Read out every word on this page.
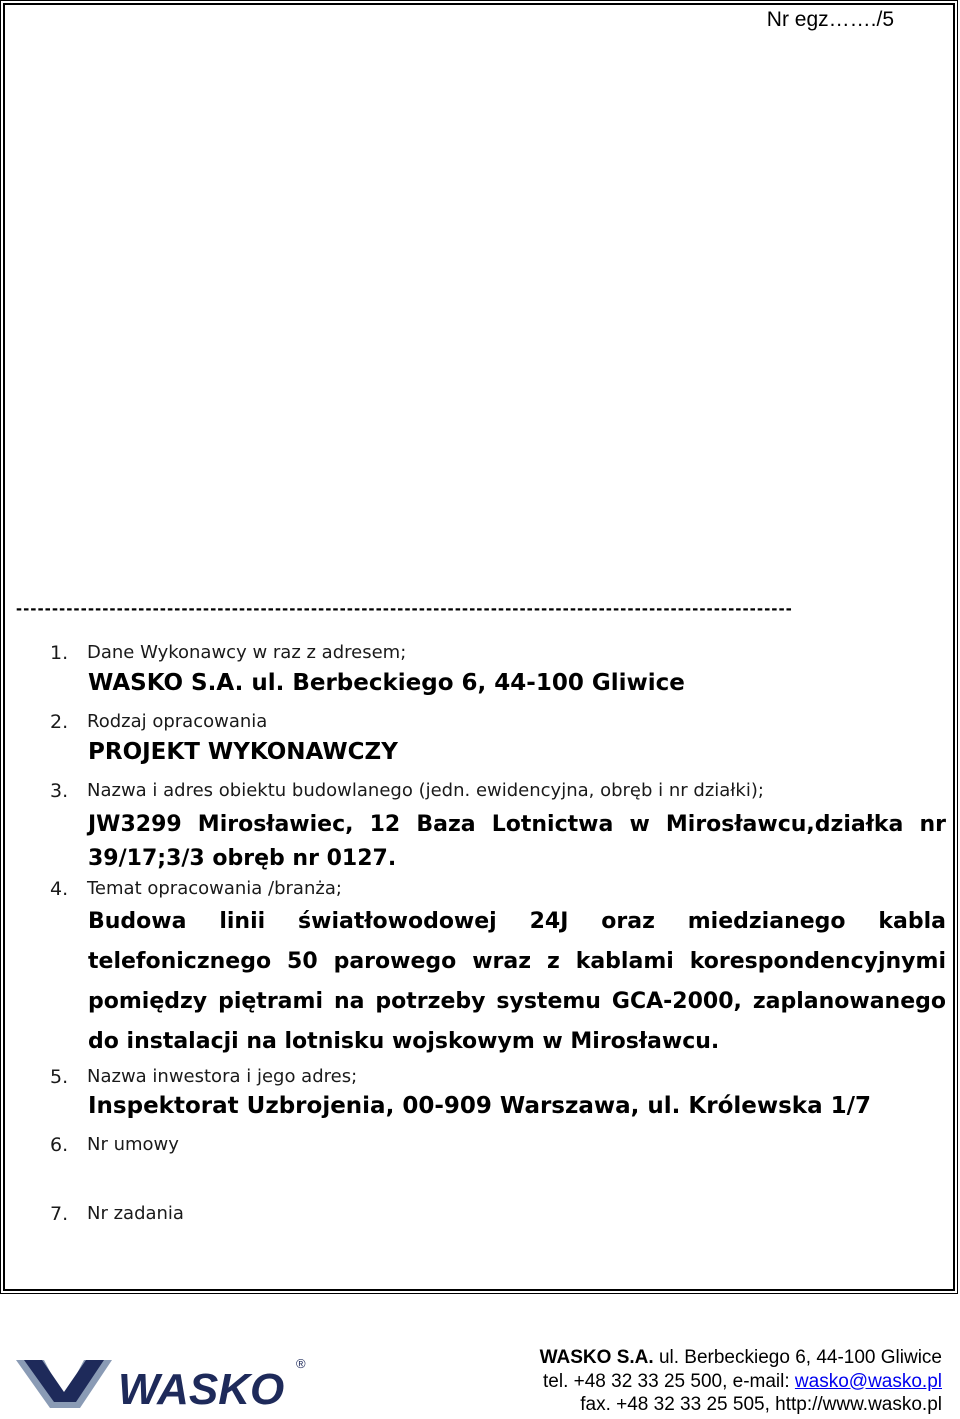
Nr egz……./5
------------------------------------------------------------------------------------------------------------
1. Dane Wykonawcy w raz z adresem;
WASKO S.A. ul. Berbeckiego 6, 44-100 Gliwice
2. Rodzaj opracowania
PROJEKT WYKONAWCZY
3. Nazwa i adres obiektu budowlanego (jedn. ewidencyjna, obręb i nr działki);
JW3299 Mirosławiec, 12 Baza Lotnictwa w Mirosławcu,działka nr 39/17;3/3 obręb nr 0127.
4. Temat opracowania /branża;
Budowa linii światłowodowej 24J oraz miedzianego kabla telefonicznego 50 parowego wraz z kablami korespondencyjnymi pomiędzy piętrami na potrzeby systemu GCA-2000, zaplanowanego do instalacji na lotnisku wojskowym w Mirosławcu.
5. Nazwa inwestora i jego adres;
Inspektorat Uzbrojenia, 00-909 Warszawa, ul. Królewska 1/7
6. Nr umowy
7. Nr zadania
WASKO
®	WASKO S.A. ul. Berbeckiego 6, 44-100 Gliwice
tel. +48 32 33 25 500, e-mail: wasko@wasko.pl
fax. +48 32 33 25 505, http://www.wasko.pl
